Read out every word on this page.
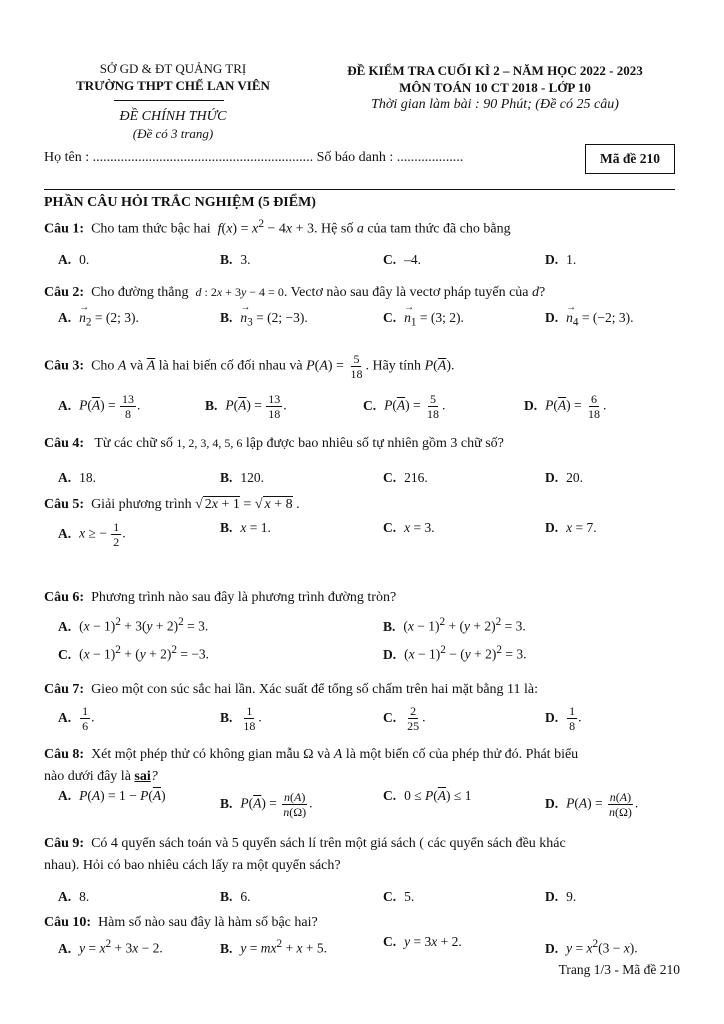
SỞ GD & ĐT QUẢNG TRỊ
TRƯỜNG THPT CHẾ LAN VIÊN
ĐỀ CHÍNH THỨC
(Đề có 3 trang)
ĐỀ KIỂM TRA CUỐI KÌ 2 – NĂM HỌC 2022 - 2023
MÔN TOÁN 10 CT 2018 - LỚP 10
Thời gian làm bài : 90 Phút; (Đề có 25 câu)
Họ tên : ............................................................... Số báo danh : ...................	Mã đề 210
PHẦN CÂU HỎI TRẮC NGHIỆM (5 ĐIỂM)
Câu 1: Cho tam thức bậc hai $f(x) = x^2 - 4x + 3$. Hệ số a của tam thức đã cho bằng
A. 0.	B. 3.	C. –4.	D. 1.
Câu 2: Cho đường thẳng d : 2x + 3y − 4 = 0. Vectơ nào sau đây là vectơ pháp tuyến của d?
A. → $n_2 = (2$; 3).	B. → $n_3 = (2$; −3).	C. → $n_1 = (3$; 2).	D. → $n_4 = (-2$; 3).
Câu 3: Cho A và $\overline{A}$ là hai biến cố đối nhau và $P(A) = \frac{5}{18}$ . Hãy tính $P(\overline{A})$.
A. $P(\overline{A}) = \frac{13}{8}$ .	B. $P(\overline{A}) = \frac{13}{18}$ .	C. $P(\overline{A}) = \frac{5}{18}$ .	D. $P(\overline{A}) = \frac{6}{18}$ .
Câu 4: Từ các chữ số 1, 2, 3, 4, 5, 6 lập được bao nhiêu số tự nhiên gồm 3 chữ số?
A. 18.	B. 120.	C. 216.	D. 20.
Câu 5: Giải phương trình √ 2x + 1 = √ x + 8 .
A. x ≥ − $\frac{1}{2}$ .	B. x = 1.	C. x = 3.	D. x = 7.
Câu 6: Phương trình nào sau đây là phương trình đường tròn?
A. $(x - 1)^2 + 3(y + 2)^2 = 3$.	B. $(x - 1)^2 + (y + 2)^2 = 3$.
C. $(x - 1)^2 + (y + 2)^2 = -3$.	D. $(x - 1)^2 - (y + 2)^2 = 3$.
Câu 7: Gieo một con súc sắc hai lần. Xác suất để tổng số chấm trên hai mặt bằng 11 là:
A. $\frac{1}{6}$ .	B. $\frac{1}{18}$ .	C. $\frac{2}{25}$ .	D. $\frac{1}{8}$ .
Câu 8: Xét một phép thử có không gian mẫu Ω và A là một biến cố của phép thử đó. Phát biểu
nào dưới đây là sai?
A. $P(A) = 1 - P(\overline{A})$
B. $P(\overline{A}) = \frac{n(A)}{n(\Omega)}$ .
C. $0 \le P(\overline{A}) \le 1$
D. $P(A) = \frac{n(A)}{n(\Omega)}$ .
Câu 9: Có 4 quyển sách toán và 5 quyển sách lí trên một giá sách ( các quyển sách đều khác
nhau). Hỏi có bao nhiêu cách lấy ra một quyển sách?
A. 8.	B. 6.	C. 5.	D. 9.
Câu 10: Hàm số nào sau đây là hàm số bậc hai?
A. $y = x^2 + 3x - 2$.	B. $y = mx^2 + x + 5$.	C. y = 3x + 2.	D. $y = x^2(3 - x)$.
Trang 1/3 - Mã đề 210
